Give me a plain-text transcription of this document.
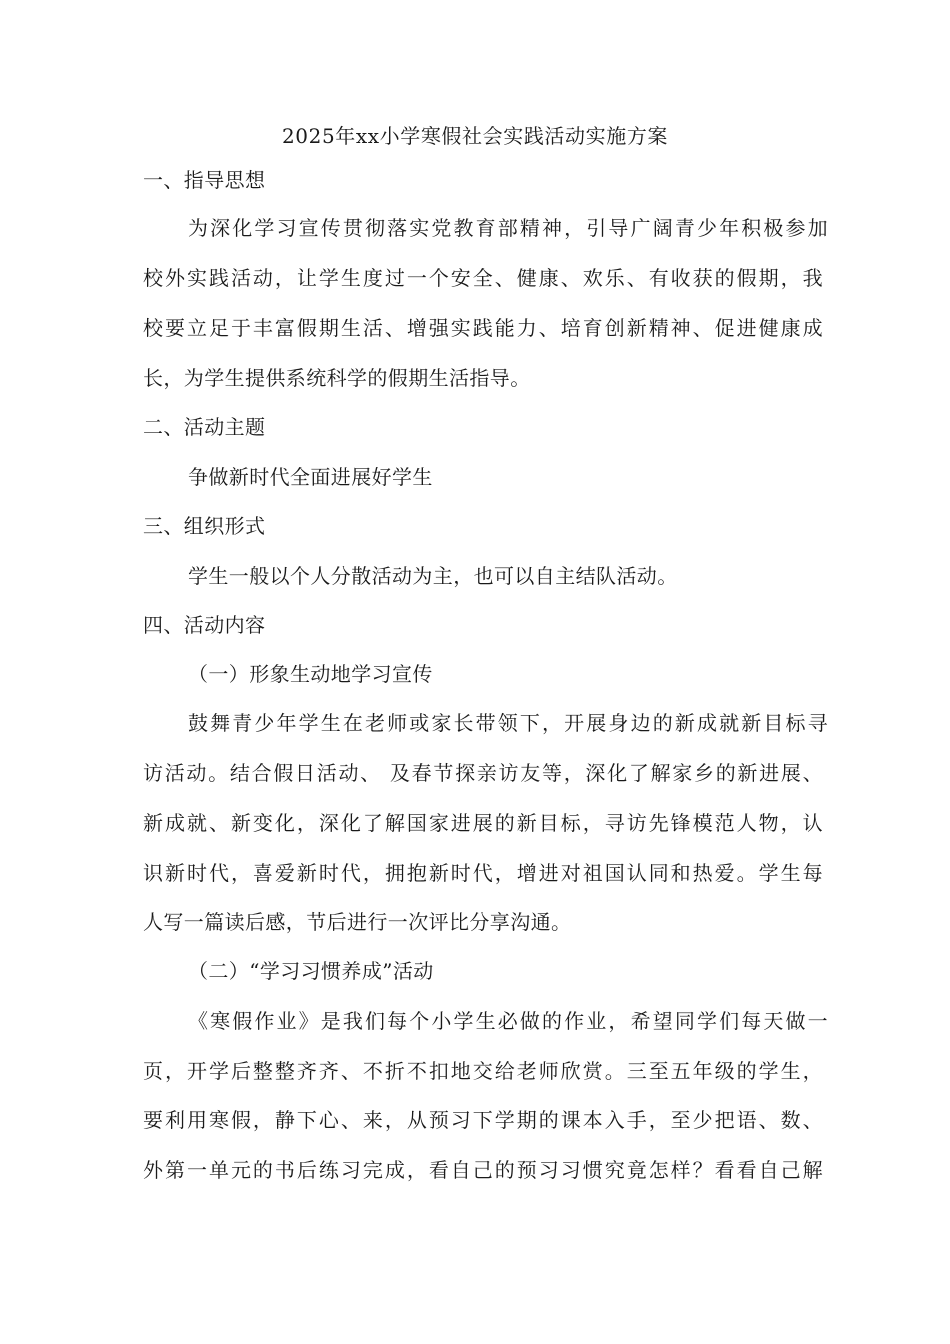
2025年xx小学寒假社会实践活动实施方案
一、指导思想
为深化学习宣传贯彻落实党教育部精神，引导广阔青少年积极参加
校外实践活动，让学生度过一个安全、健康、欢乐、有收获的假期，我
校要立足于丰富假期生活、增强实践能力、培育创新精神、促进健康成
长，为学生提供系统科学的假期生活指导。
二、活动主题
争做新时代全面进展好学生
三、组织形式
学生一般以个人分散活动为主，也可以自主结队活动。
四、活动内容
（一）形象生动地学习宣传
鼓舞青少年学生在老师或家长带领下，开展身边的新成就新目标寻
访活动。结合假日活动、 及春节探亲访友等，深化了解家乡的新进展、
新成就、新变化，深化了解国家进展的新目标，寻访先锋模范人物，认
识新时代，喜爱新时代，拥抱新时代，增进对祖国认同和热爱。学生每
人写一篇读后感，节后进行一次评比分享沟通。
（二）“学习习惯养成”活动
《寒假作业》是我们每个小学生必做的作业，希望同学们每天做一
页，开学后整整齐齐、不折不扣地交给老师欣赏。三至五年级的学生，
要利用寒假，静下心、来，从预习下学期的课本入手，至少把语、数、
外第一单元的书后练习完成，看自己的预习习惯究竟怎样？看看自己解
